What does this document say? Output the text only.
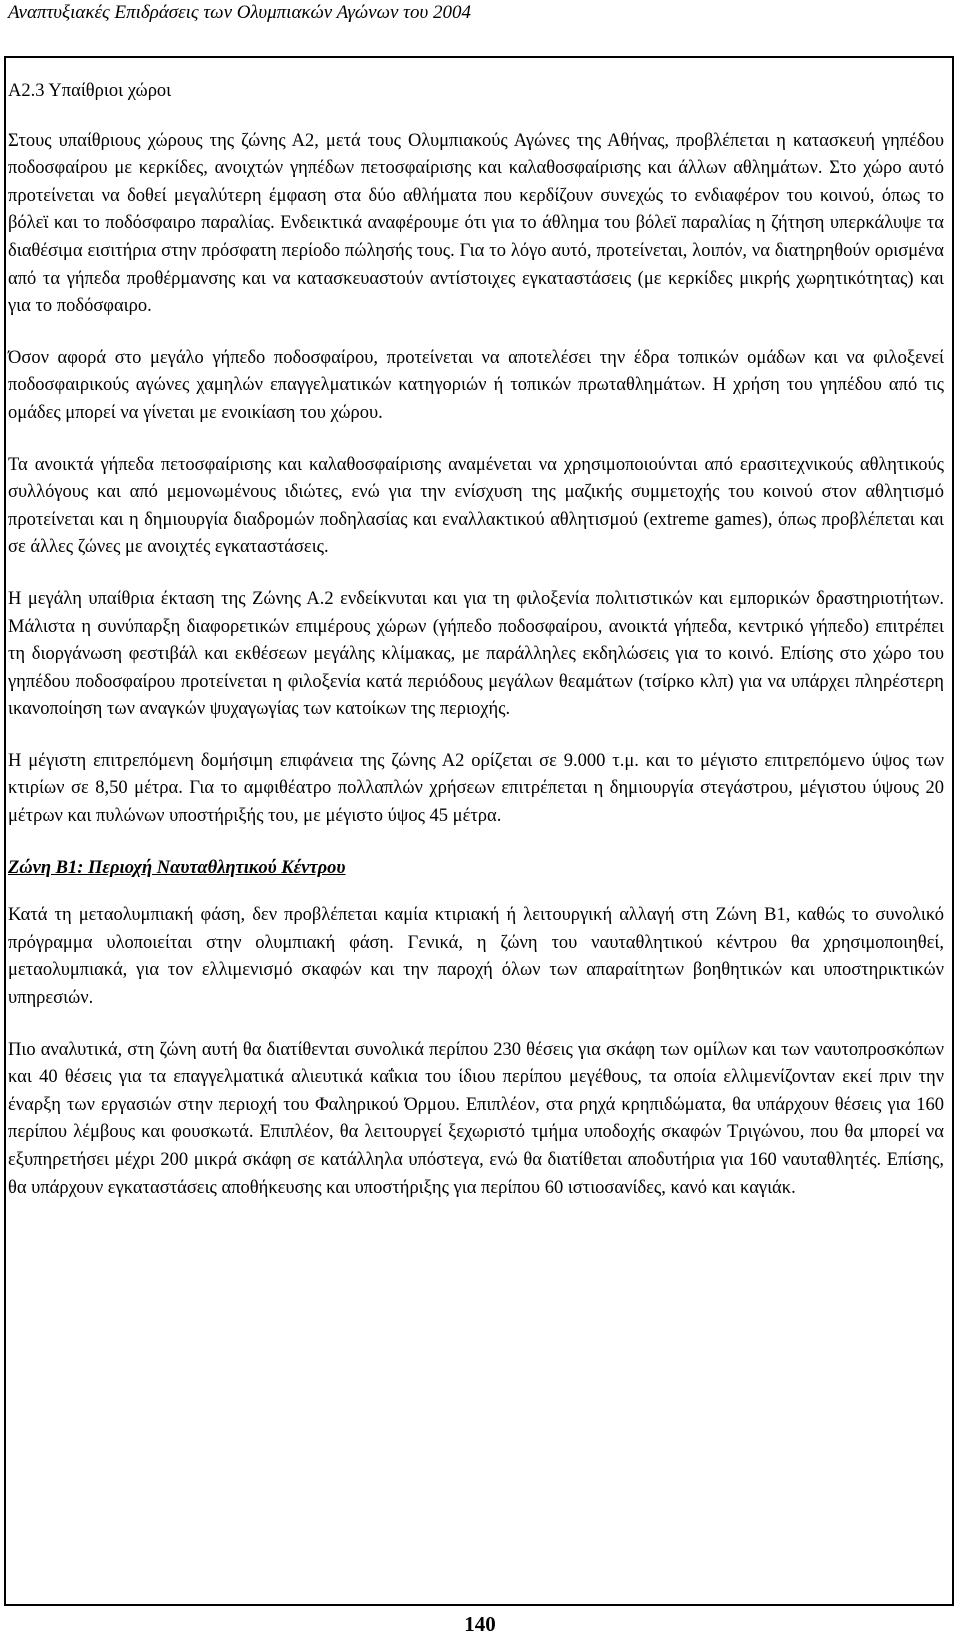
Αναπτυξιακές Επιδράσεις των Ολυμπιακών Αγώνων του 2004

Α2.3 Υπαίθριοι χώροι

Στους υπαίθριους χώρους της ζώνης Α2, μετά τους Ολυμπιακούς Αγώνες της Αθήνας, προβλέπεται η κατασκευή γηπέδου ποδοσφαίρου με κερκίδες, ανοιχτών γηπέδων πετοσφαίρισης και καλαθοσφαίρισης και άλλων αθλημάτων. Στο χώρο αυτό προτείνεται να δοθεί μεγαλύτερη έμφαση στα δύο αθλήματα που κερδίζουν συνεχώς το ενδιαφέρον του κοινού, όπως το βόλεϊ και το ποδόσφαιρο παραλίας. Ενδεικτικά αναφέρουμε ότι για το άθλημα του βόλεϊ παραλίας η ζήτηση υπερκάλυψε τα διαθέσιμα εισιτήρια στην πρόσφατη περίοδο πώλησής τους. Για το λόγο αυτό, προτείνεται, λοιπόν, να διατηρηθούν ορισμένα από τα γήπεδα προθέρμανσης και να κατασκευαστούν αντίστοιχες εγκαταστάσεις (με κερκίδες μικρής χωρητικότητας) και για το ποδόσφαιρο.

Όσον αφορά στο μεγάλο γήπεδο ποδοσφαίρου, προτείνεται να αποτελέσει την έδρα τοπικών ομάδων και να φιλοξενεί ποδοσφαιρικούς αγώνες χαμηλών επαγγελματικών κατηγοριών ή τοπικών πρωταθλημάτων. Η χρήση του γηπέδου από τις ομάδες μπορεί να γίνεται με ενοικίαση του χώρου.

Τα ανοικτά γήπεδα πετοσφαίρισης και καλαθοσφαίρισης αναμένεται να χρησιμοποιούνται από ερασιτεχνικούς αθλητικούς συλλόγους και από μεμονωμένους ιδιώτες, ενώ για την ενίσχυση της μαζικής συμμετοχής του κοινού στον αθλητισμό προτείνεται και η δημιουργία διαδρομών ποδηλασίας και εναλλακτικού αθλητισμού (extreme games), όπως προβλέπεται και σε άλλες ζώνες με ανοιχτές εγκαταστάσεις.

Η μεγάλη υπαίθρια έκταση της Ζώνης Α.2 ενδείκνυται και για τη φιλοξενία πολιτιστικών και εμπορικών δραστηριοτήτων. Μάλιστα η συνύπαρξη διαφορετικών επιμέρους χώρων (γήπεδο ποδοσφαίρου, ανοικτά γήπεδα, κεντρικό γήπεδο) επιτρέπει τη διοργάνωση φεστιβάλ και εκθέσεων μεγάλης κλίμακας, με παράλληλες εκδηλώσεις για το κοινό. Επίσης στο χώρο του γηπέδου ποδοσφαίρου προτείνεται η φιλοξενία κατά περιόδους μεγάλων θεαμάτων (τσίρκο κλπ) για να υπάρχει πληρέστερη ικανοποίηση των αναγκών ψυχαγωγίας των κατοίκων της περιοχής.

Η μέγιστη επιτρεπόμενη δομήσιμη επιφάνεια της ζώνης Α2 ορίζεται σε 9.000 τ.μ. και το μέγιστο επιτρεπόμενο ύψος των κτιρίων σε 8,50 μέτρα. Για το αμφιθέατρο πολλαπλών χρήσεων επιτρέπεται η δημιουργία στεγάστρου, μέγιστου ύψους 20 μέτρων και πυλώνων υποστήριξής του, με μέγιστο ύψος 45 μέτρα.

Ζώνη Β1: Περιοχή Ναυταθλητικού Κέντρου

Κατά τη μεταολυμπιακή φάση, δεν προβλέπεται καμία κτιριακή ή λειτουργική αλλαγή στη Ζώνη Β1, καθώς το συνολικό πρόγραμμα υλοποιείται στην ολυμπιακή φάση. Γενικά, η ζώνη του ναυταθλητικού κέντρου θα χρησιμοποιηθεί, μεταολυμπιακά, για τον ελλιμενισμό σκαφών και την παροχή όλων των απαραίτητων βοηθητικών και υποστηρικτικών υπηρεσιών.

Πιο αναλυτικά, στη ζώνη αυτή θα διατίθενται συνολικά περίπου 230 θέσεις για σκάφη των ομίλων και των ναυτοπροσκόπων και 40 θέσεις για τα επαγγελματικά αλιευτικά καΐκια του ίδιου περίπου μεγέθους, τα οποία ελλιμενίζονταν εκεί πριν την έναρξη των εργασιών στην περιοχή του Φαληρικού Όρμου. Επιπλέον, στα ρηχά κρηπιδώματα, θα υπάρχουν θέσεις για 160 περίπου λέμβους και φουσκωτά. Επιπλέον, θα λειτουργεί ξεχωριστό τμήμα υποδοχής σκαφών Τριγώνου, που θα μπορεί να εξυπηρετήσει μέχρι 200 μικρά σκάφη σε κατάλληλα υπόστεγα, ενώ θα διατίθεται αποδυτήρια για 160 ναυταθλητές. Επίσης, θα υπάρχουν εγκαταστάσεις αποθήκευσης και υποστήριξης για περίπου 60 ιστιοσανίδες, κανό και καγιάκ.

140
